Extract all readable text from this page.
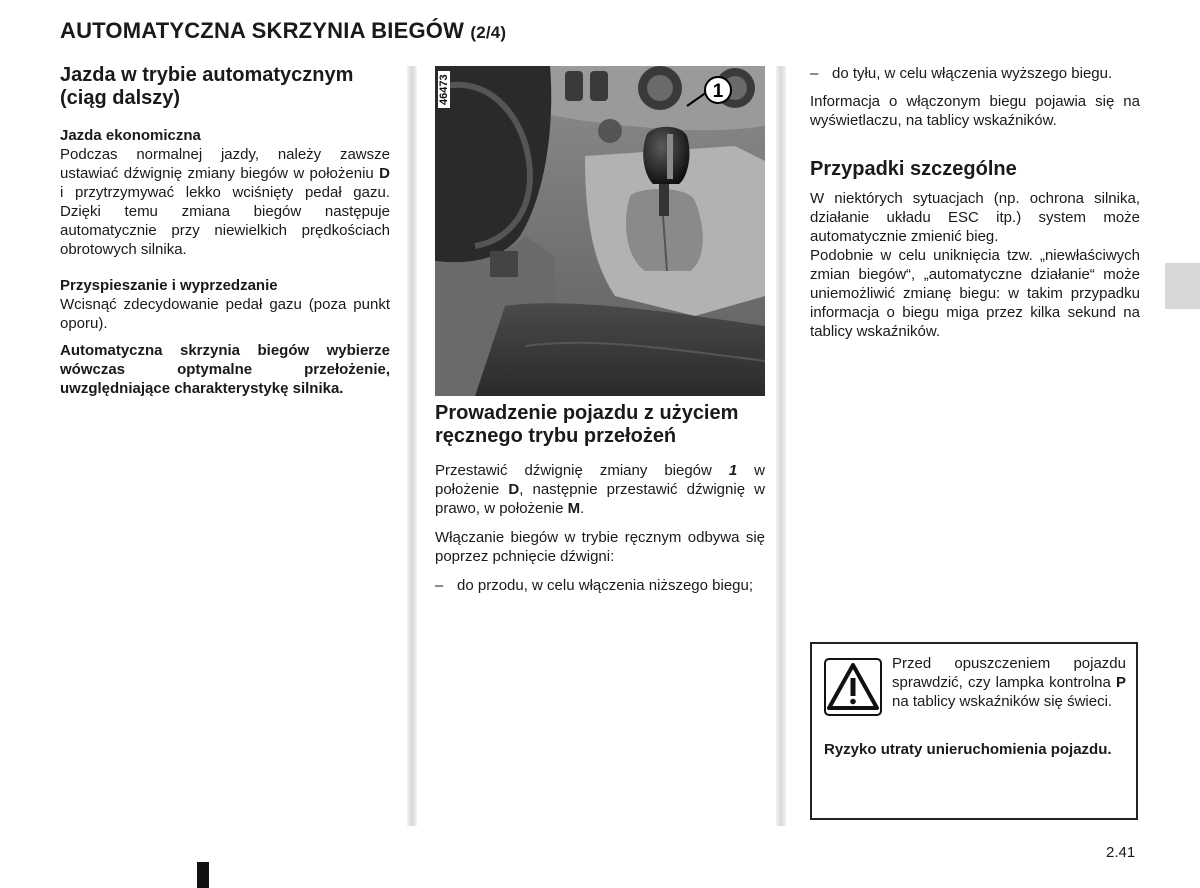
AUTOMATYCZNA SKRZYNIA BIEGÓW (2/4)
Jazda w trybie automatycznym (ciąg dalszy)

Jazda ekonomiczna

Podczas normalnej jazdy, należy zawsze ustawiać dźwignię zmiany biegów w położeniu D i przytrzymywać lekko wciśnięty pedał gazu. Dzięki temu zmiana biegów następuje automatycznie przy niewielkich prędkościach obrotowych silnika.

Przyspieszanie i wyprzedzanie

Wcisnąć zdecydowanie pedał gazu (poza punkt oporu).

Automatyczna skrzynia biegów wybierze wówczas optymalne przełożenie, uwzględniające charakterystykę silnika.

1
46473
Prowadzenie pojazdu z użyciem ręcznego trybu przełożeń

Przestawić dźwignię zmiany biegów 1 w położenie D, następnie przestawić dźwignię w prawo, w położenie M.

Włączanie biegów w trybie ręcznym odbywa się poprzez pchnięcie dźwigni:

– do przodu, w celu włączenia niższego biegu;
– do tyłu, w celu włączenia wyższego biegu.

Informacja o włączonym biegu pojawia się na wyświetlaczu, na tablicy wskaźników.

Przypadki szczególne

W niektórych sytuacjach (np. ochrona silnika, działanie układu ESC itp.) system może automatycznie zmienić bieg.

Podobnie w celu uniknięcia tzw. „niewłaściwych zmian biegów“, „automatyczne działanie“ może uniemożliwić zmianę biegu: w takim przypadku informacja o biegu miga przez kilka sekund na tablicy wskaźników.

Przed opuszczeniem pojazdu sprawdzić, czy lampka kontrolna P na tablicy wskaźników się świeci.
Ryzyko utraty unieruchomienia pojazdu.
2.41
